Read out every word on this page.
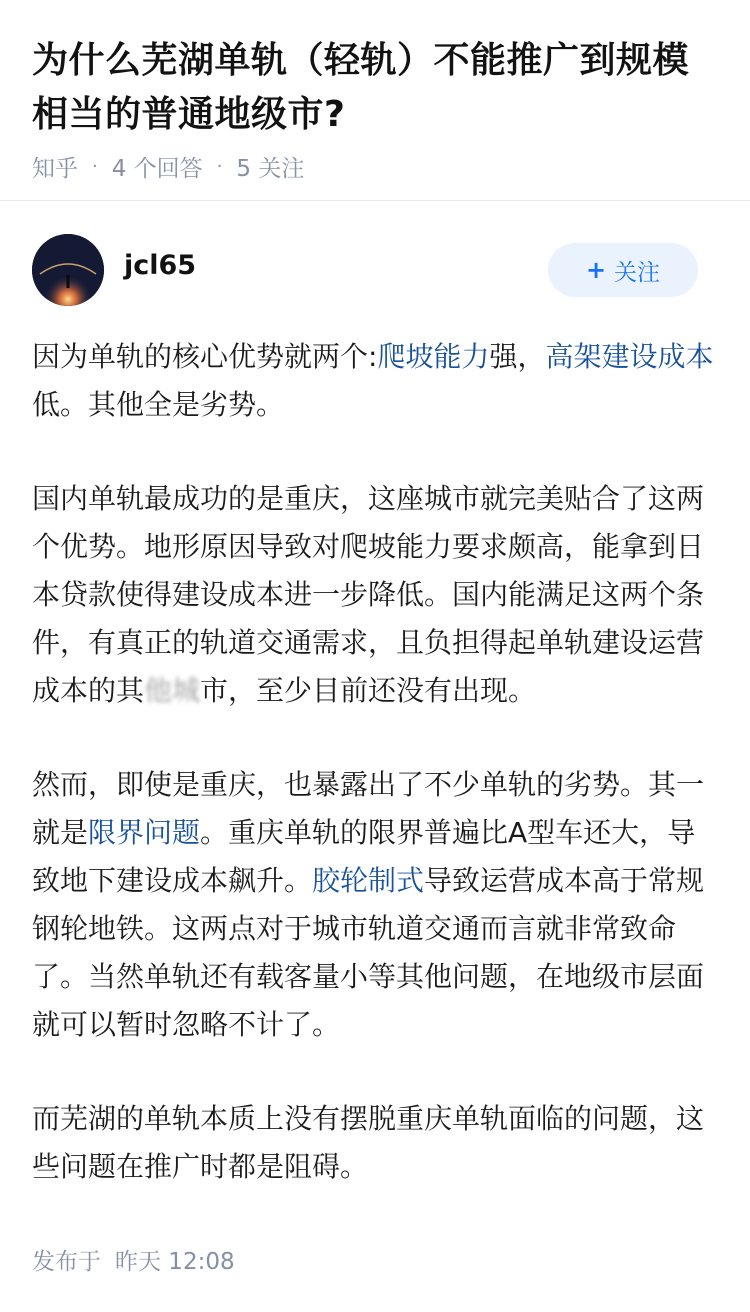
为什么芜湖单轨（轻轨）不能推广到规模相当的普通地级市?
知乎 · 4 个回答 · 5 关注
jcl65	+ 关注

因为单轨的核心优势就两个:爬坡能力强，高架建设成本低。其他全是劣势。

国内单轨最成功的是重庆，这座城市就完美贴合了这两个优势。地形原因导致对爬坡能力要求颇高，能拿到日本贷款使得建设成本进一步降低。国内能满足这两个条件，有真正的轨道交通需求，且负担得起单轨建设运营成本的其他城市，至少目前还没有出现。

然而，即使是重庆，也暴露出了不少单轨的劣势。其一就是限界问题。重庆单轨的限界普遍比A型车还大，导致地下建设成本飙升。胶轮制式导致运营成本高于常规钢轮地铁。这两点对于城市轨道交通而言就非常致命了。当然单轨还有载客量小等其他问题，在地级市层面就可以暂时忽略不计了。

而芜湖的单轨本质上没有摆脱重庆单轨面临的问题，这些问题在推广时都是阻碍。

发布于 昨天 12:08
